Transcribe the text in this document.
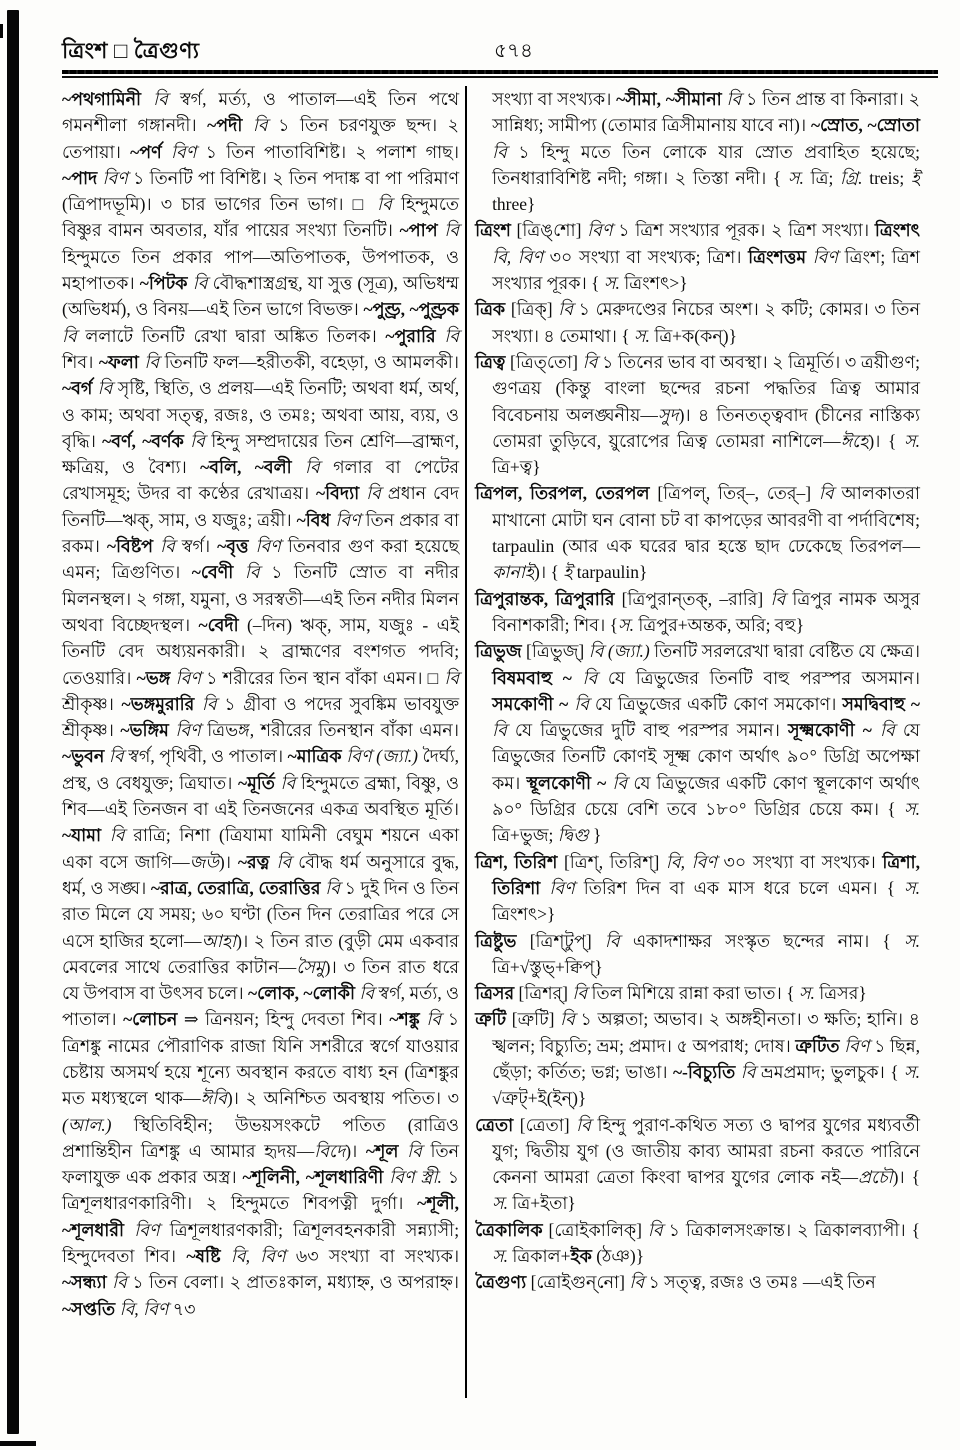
ত্রিংশ □ ত্রৈগুণ্য	৫৭৪

~পথগামিনী বি স্বর্গ, মর্ত্য, ও পাতাল—এই তিন পথে গমনশীলা গঙ্গানদী। ~পদী বি ১ তিন চরণযুক্ত ছন্দ। ২ তেপায়া। ~পর্ণ বিণ ১ তিন পাতাবিশিষ্ট। ২ পলাশ গাছ। ~পাদ বিণ ১ তিনটি পা বিশিষ্ট। ২ তিন পদাঙ্ক বা পা পরিমাণ (ত্রিপাদভূমি)। ৩ চার ভাগের তিন ভাগ। □ বি হিন্দুমতে বিষ্ণুর বামন অবতার, যাঁর পায়ের সংখ্যা তিনটি। ~পাপ বি হিন্দুমতে তিন প্রকার পাপ—অতিপাতক, উপপাতক, ও মহাপাতক। ~পিটক বি বৌদ্ধশাস্ত্রগ্রন্থ, যা সুত্ত (সূত্র), অভিধম্ম (অভিধর্ম), ও বিনয়—এই তিন ভাগে বিভক্ত। ~পুণ্ড্র, ~পুণ্ড্রক বি ললাটে তিনটি রেখা দ্বারা অঙ্কিত তিলক। ~পুরারি বি শিব। ~ফলা বি তিনটি ফল—হরীতকী, বহেড়া, ও আমলকী। ~বর্গ বি সৃষ্টি, স্থিতি, ও প্রলয়—এই তিনটি; অথবা ধর্ম, অর্থ, ও কাম; অথবা সত্ত্ব, রজঃ, ও তমঃ; অথবা আয়, ব্যয়, ও বৃদ্ধি। ~বর্ণ, ~বর্ণক বি হিন্দু সম্প্রদায়ের তিন শ্রেণি—ব্রাহ্মণ, ক্ষত্রিয়, ও বৈশ্য। ~বলি, ~বলী বি গলার বা পেটের রেখাসমূহ; উদর বা কণ্ঠের রেখাত্রয়। ~বিদ্যা বি প্রধান বেদ তিনটি—ঋক্, সাম, ও যজুঃ; ত্রয়ী। ~বিধ বিণ তিন প্রকার বা রকম। ~বিষ্টপ বি স্বর্গ। ~বৃত্ত বিণ তিনবার গুণ করা হয়েছে এমন; ত্রিগুণিত। ~বেণী বি ১ তিনটি স্রোত বা নদীর মিলনস্থল। ২ গঙ্গা, যমুনা, ও সরস্বতী—এই তিন নদীর মিলন অথবা বিচ্ছেদস্থল। ~বেদী (–দিন) ঋক্, সাম, যজুঃ - এই তিনটি বেদ অধ্যয়নকারী। ২ ব্রাহ্মণের বংশগত পদবি; তেওয়ারি। ~ভঙ্গ বিণ ১ শরীরের তিন স্থান বাঁকা এমন। □ বি শ্রীকৃষ্ণ। ~ভঙ্গমুরারি বি ১ গ্রীবা ও পদের সুবঙ্কিম ভাবযুক্ত শ্রীকৃষ্ণ। ~ভঙ্গিম বিণ ত্রিভঙ্গ, শরীরের তিনস্থান বাঁকা এমন। ~ভুবন বি স্বর্গ, পৃথিবী, ও পাতাল। ~মাত্রিক বিণ (জ্যা.) দৈর্ঘ্য, প্রস্থ, ও বেধযুক্ত; ত্রিঘাত। ~মূর্তি বি হিন্দুমতে ব্রহ্মা, বিষ্ণু, ও শিব—এই তিনজন বা এই তিনজনের একত্র অবস্থিত মূর্তি। ~যামা বি রাত্রি; নিশা (ত্রিযামা যামিনী বেঘুম শয়নে একা একা বসে জাগি—জউ)। ~রত্ন বি বৌদ্ধ ধর্ম অনুসারে বুদ্ধ, ধর্ম, ও সঙ্ঘ। ~রাত্র, তেরাত্রি, তেরাত্তির বি ১ দুই দিন ও তিন রাত মিলে যে সময়; ৬০ ঘণ্টা (তিন দিন তেরাত্রির পরে সে এসে হাজির হলো—আহা)। ২ তিন রাত (বুড়ী মেম একবার মেবলের সাথে তেরাত্তির কাটান—সৈমু)। ৩ তিন রাত ধরে যে উপবাস বা উৎসব চলে। ~লোক, ~লোকী বি স্বর্গ, মর্ত্য, ও পাতাল। ~লোচন ⇒ ত্রিনয়ন; হিন্দু দেবতা শিব। ~শঙ্কু বি ১ ত্রিশঙ্কু নামের পৌরাণিক রাজা যিনি সশরীরে স্বর্গে যাওয়ার চেষ্টায় অসমর্থ হয়ে শূন্যে অবস্থান করতে বাধ্য হন (ত্রিশঙ্কুর মত মধ্যস্থলে থাক—ঈবি)। ২ অনিশ্চিত অবস্থায় পতিত। ৩ (আল.) স্থিতিবিহীন; উভয়সংকটে পতিত (রাত্রিও প্রশান্তিহীন ত্রিশঙ্কু এ আমার হৃদয়—বিদে)। ~শূল বি তিন ফলাযুক্ত এক প্রকার অস্ত্র। ~শূলিনী, ~শূলধারিণী বিণ স্ত্রী. ১ ত্রিশূলধারণকারিণী। ২ হিন্দুমতে শিবপত্নী দুর্গা। ~শূলী, ~শূলধারী বিণ ত্রিশূলধারণকারী; ত্রিশূলবহনকারী সন্ন্যাসী; হিন্দুদেবতা শিব। ~ষষ্টি বি, বিণ ৬৩ সংখ্যা বা সংখ্যক। ~সন্ধ্যা বি ১ তিন বেলা। ২ প্রাতঃকাল, মধ্যাহ্ন, ও অপরাহ্ন। ~সপ্ততি বি, বিণ ৭৩

সংখ্যা বা সংখ্যক। ~সীমা, ~সীমানা বি ১ তিন প্রান্ত বা কিনারা। ২ সান্নিধ্য; সামীপ্য (তোমার ত্রিসীমানায় যাবে না)। ~স্রোত, ~স্রোতা বি ১ হিন্দু মতে তিন লোকে যার স্রোত প্রবাহিত হয়েছে; তিনধারাবিশিষ্ট নদী; গঙ্গা। ২ তিস্তা নদী। { স. ত্রি; গ্রি. treis; ই three}

ত্রিংশ [ত্রিঙ্‌শো] বিণ ১ ত্রিশ সংখ্যার পূরক। ২ ত্রিশ সংখ্যা। ত্রিংশৎ বি, বিণ ৩০ সংখ্যা বা সংখ্যক; ত্রিশ। ত্রিংশত্তম বিণ ত্রিংশ; ত্রিশ সংখ্যার পূরক। { স. ত্রিংশৎ>}

ত্রিক [ত্রিক্] বি ১ মেরুদণ্ডের নিচের অংশ। ২ কটি; কোমর। ৩ তিন সংখ্যা। ৪ তেমাথা। { স. ত্রি+ক(কন্)}

ত্রিত্ব [ত্রিত্‌তো] বি ১ তিনের ভাব বা অবস্থা। ২ ত্রিমূর্তি। ৩ ত্রয়ীগুণ; গুণত্রয় (কিন্তু বাংলা ছন্দের রচনা পদ্ধতির ত্রিত্ব আমার বিবেচনায় অলঙ্ঘনীয়—সুদ)। ৪ তিনতত্ত্ববাদ (চীনের নাস্তিক্য তোমরা তুড়িবে, য়ুরোপের ত্রিত্ব তোমরা নাশিলে—ঈহে)। { স. ত্রি+ত্ব}

ত্রিপল, তিরপল, তেরপল [ত্রিপল্, তির্–, তের্–] বি আলকাতরা মাখানো মোটা ঘন বোনা চট বা কাপড়ের আবরণী বা পর্দাবিশেষ; tarpaulin (আর এক ঘরের দ্বার হস্তে ছাদ ঢেকেছে তিরপল—কানাই)। { ই tarpaulin}

ত্রিপুরান্তক, ত্রিপুরারি [ত্রিপুরান্‌তক্, –রারি] বি ত্রিপুর নামক অসুর বিনাশকারী; শিব। {স. ত্রিপুর+অন্তক, অরি; বহু}

ত্রিভুজ [ত্রিভুজ্] বি (জ্যা.) তিনটি সরলরেখা দ্বারা বেষ্টিত যে ক্ষেত্র। বিষমবাহু ~ বি যে ত্রিভুজের তিনটি বাহু পরস্পর অসমান। সমকোণী ~ বি যে ত্রিভুজের একটি কোণ সমকোণ। সমদ্বিবাহু ~ বি যে ত্রিভুজের দুটি বাহু পরস্পর সমান। সূক্ষ্মকোণী ~ বি যে ত্রিভুজের তিনটি কোণই সূক্ষ্ম কোণ অর্থাৎ ৯০° ডিগ্রি অপেক্ষা কম। স্থূলকোণী ~ বি যে ত্রিভুজের একটি কোণ স্থূলকোণ অর্থাৎ ৯০° ডিগ্রির চেয়ে বেশি তবে ১৮০° ডিগ্রির চেয়ে কম। { স. ত্রি+ভুজ; দ্বিগু }

ত্রিশ, তিরিশ [ত্রিশ্, তিরিশ্] বি, বিণ ৩০ সংখ্যা বা সংখ্যক। ত্রিশা, তিরিশা বিণ তিরিশ দিন বা এক মাস ধরে চলে এমন। { স. ত্রিংশৎ>}

ত্রিষ্টুভ [ত্রিশ্‌টুপ্] বি একাদশাক্ষর সংস্কৃত ছন্দের নাম। { স. ত্রি+√স্তুভ্+ক্বিপ্}

ত্রিসর [ত্রিশর্] বি তিল মিশিয়ে রান্না করা ভাত। { স. ত্রিসর}

ত্রুটি [ত্রুটি] বি ১ অল্পতা; অভাব। ২ অঙ্গহীনতা। ৩ ক্ষতি; হানি। ৪ স্খলন; বিচ্যুতি; ভ্রম; প্রমাদ। ৫ অপরাধ; দোষ। ত্রুটিত বিণ ১ ছিন্ন, ছেঁড়া; কর্তিত; ভগ্ন; ভাঙা। ~-বিচ্যুতি বি ভ্রমপ্রমাদ; ভুলচুক। { স. √ত্রুট্+ই(ইন্)}

ত্রেতা [ত্রেতা] বি হিন্দু পুরাণ-কথিত সত্য ও দ্বাপর যুগের মধ্যবর্তী যুগ; দ্বিতীয় যুগ (ও জাতীয় কাব্য আমরা রচনা করতে পারিনে কেননা আমরা ত্রেতা কিংবা দ্বাপর যুগের লোক নই—প্রচৌ)। { স. ত্রি+ইতা}

ত্রৈকালিক [ত্রোইকালিক্] বি ১ ত্রিকালসংক্রান্ত। ২ ত্রিকালব্যাপী। { স. ত্রিকাল+ইক (ঠঞ)}

ত্রৈগুণ্য [ত্রোইগুন্‌নো] বি ১ সত্ত্ব, রজঃ ও তমঃ —এই তিন
